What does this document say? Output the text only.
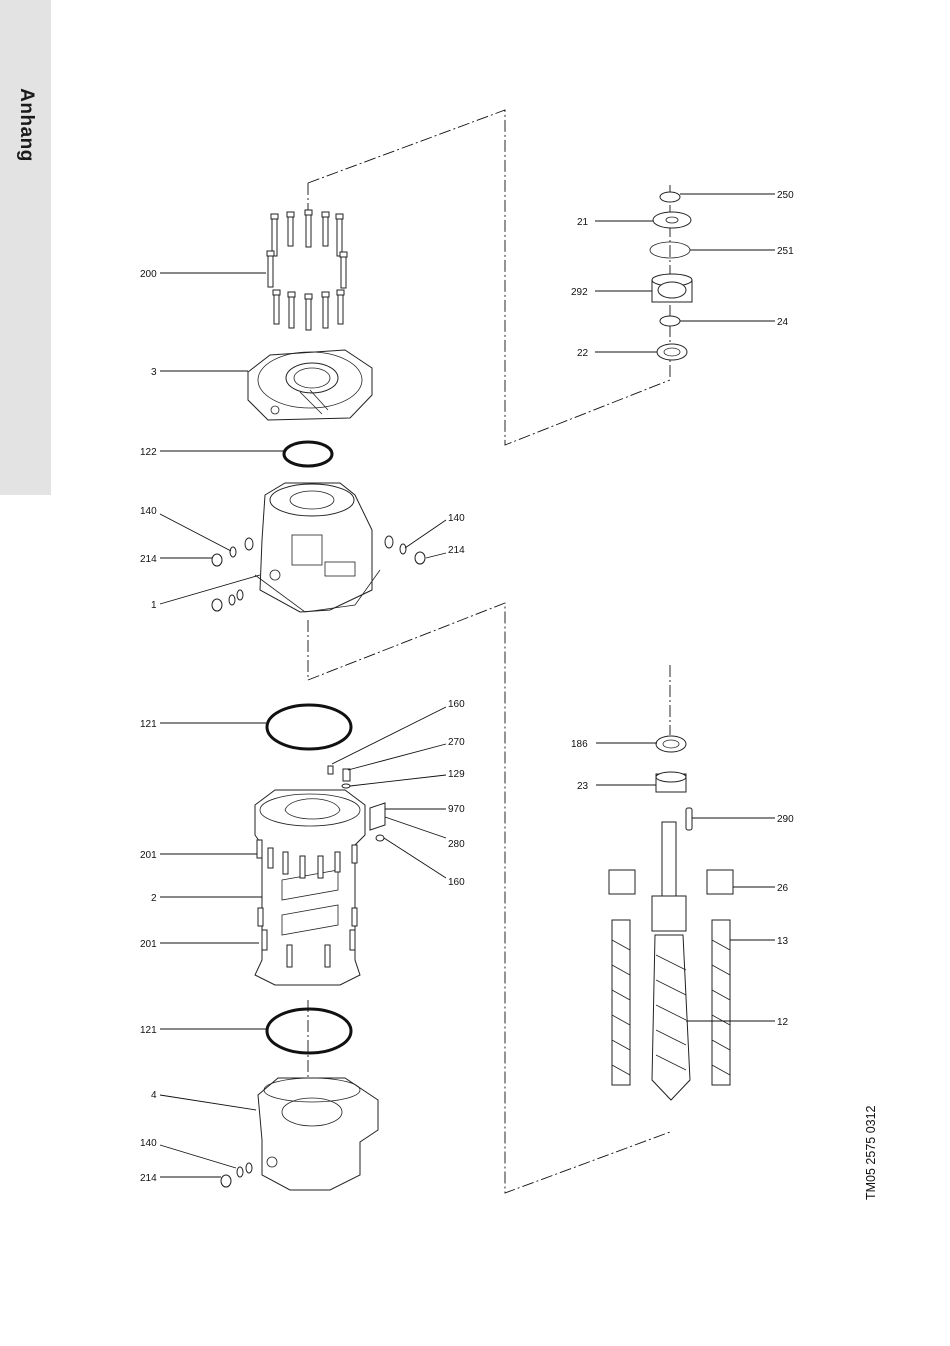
Anhang
200
3
122
140
214
1
140
214
250
21
251
292
24
22
121
160
270
129
970
201
280
160
2
201
121
4
140
214
186
23
290
26
13
12
TM05 2575 0312
